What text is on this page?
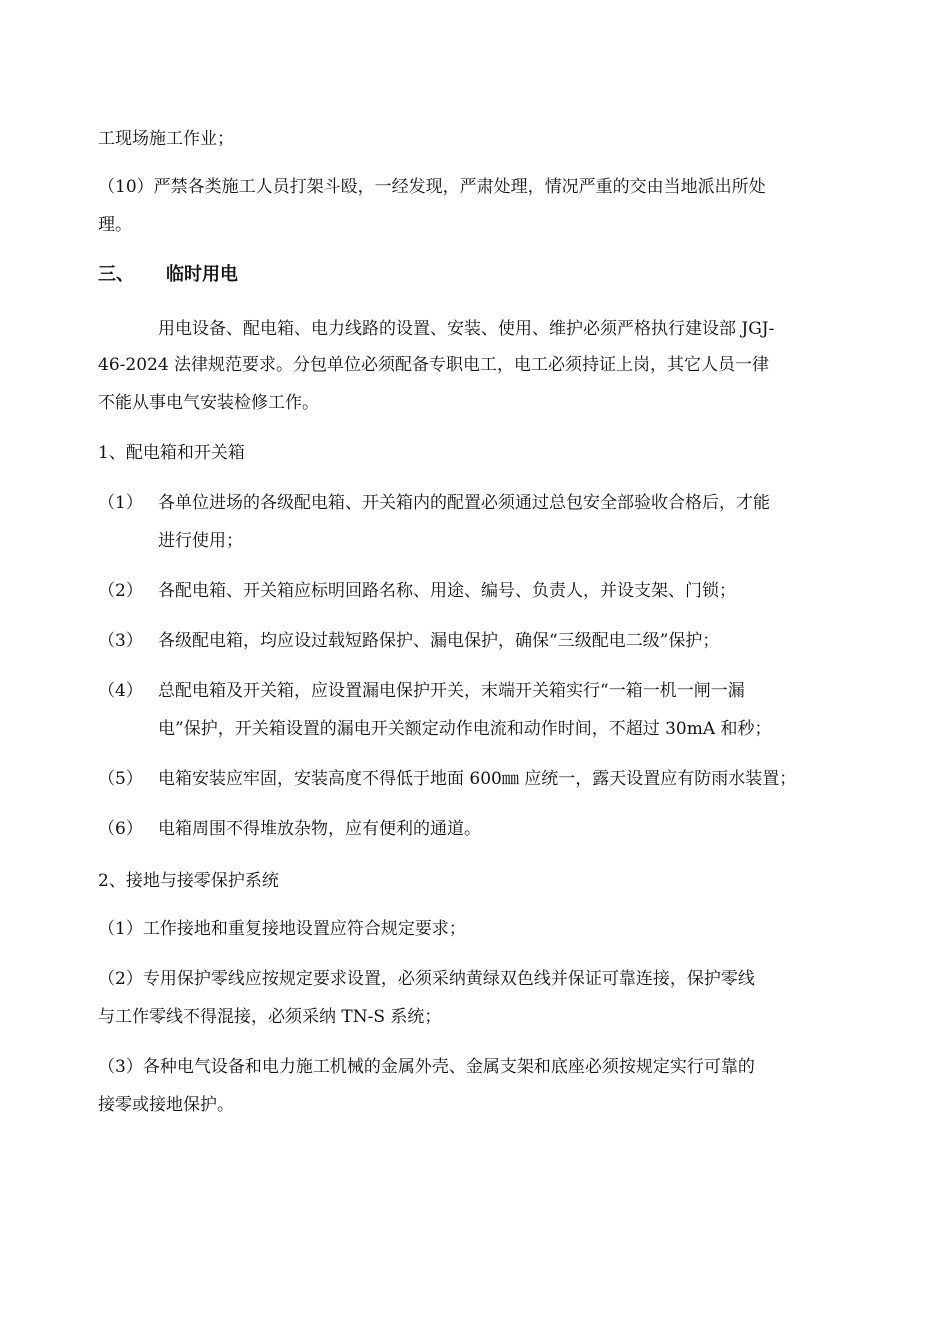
工现场施工作业；
（10）严禁各类施工人员打架斗殴，一经发现，严肃处理，情况严重的交由当地派出所处
理。
三、 临时用电
用电设备、配电箱、电力线路的设置、安装、使用、维护必须严格执行建设部 JGJ-
46-2024 法律规范要求。分包单位必须配备专职电工，电工必须持证上岗，其它人员一律
不能从事电气安装检修工作。
1、配电箱和开关箱
（1） 各单位进场的各级配电箱、开关箱内的配置必须通过总包安全部验收合格后，才能
进行使用；
（2） 各配电箱、开关箱应标明回路名称、用途、编号、负责人，并设支架、门锁；
（3） 各级配电箱，均应设过载短路保护、漏电保护，确保“三级配电二级”保护；
（4） 总配电箱及开关箱，应设置漏电保护开关，末端开关箱实行“一箱一机一闸一漏
电”保护，开关箱设置的漏电开关额定动作电流和动作时间，不超过 30mA 和秒；
（5） 电箱安装应牢固，安装高度不得低于地面 600㎜ 应统一，露天设置应有防雨水装置；
（6） 电箱周围不得堆放杂物，应有便利的通道。
2、接地与接零保护系统
（1）工作接地和重复接地设置应符合规定要求；
（2）专用保护零线应按规定要求设置，必须采纳黄绿双色线并保证可靠连接，保护零线
与工作零线不得混接，必须采纳 TN-S 系统；
（3）各种电气设备和电力施工机械的金属外壳、金属支架和底座必须按规定实行可靠的
接零或接地保护。
